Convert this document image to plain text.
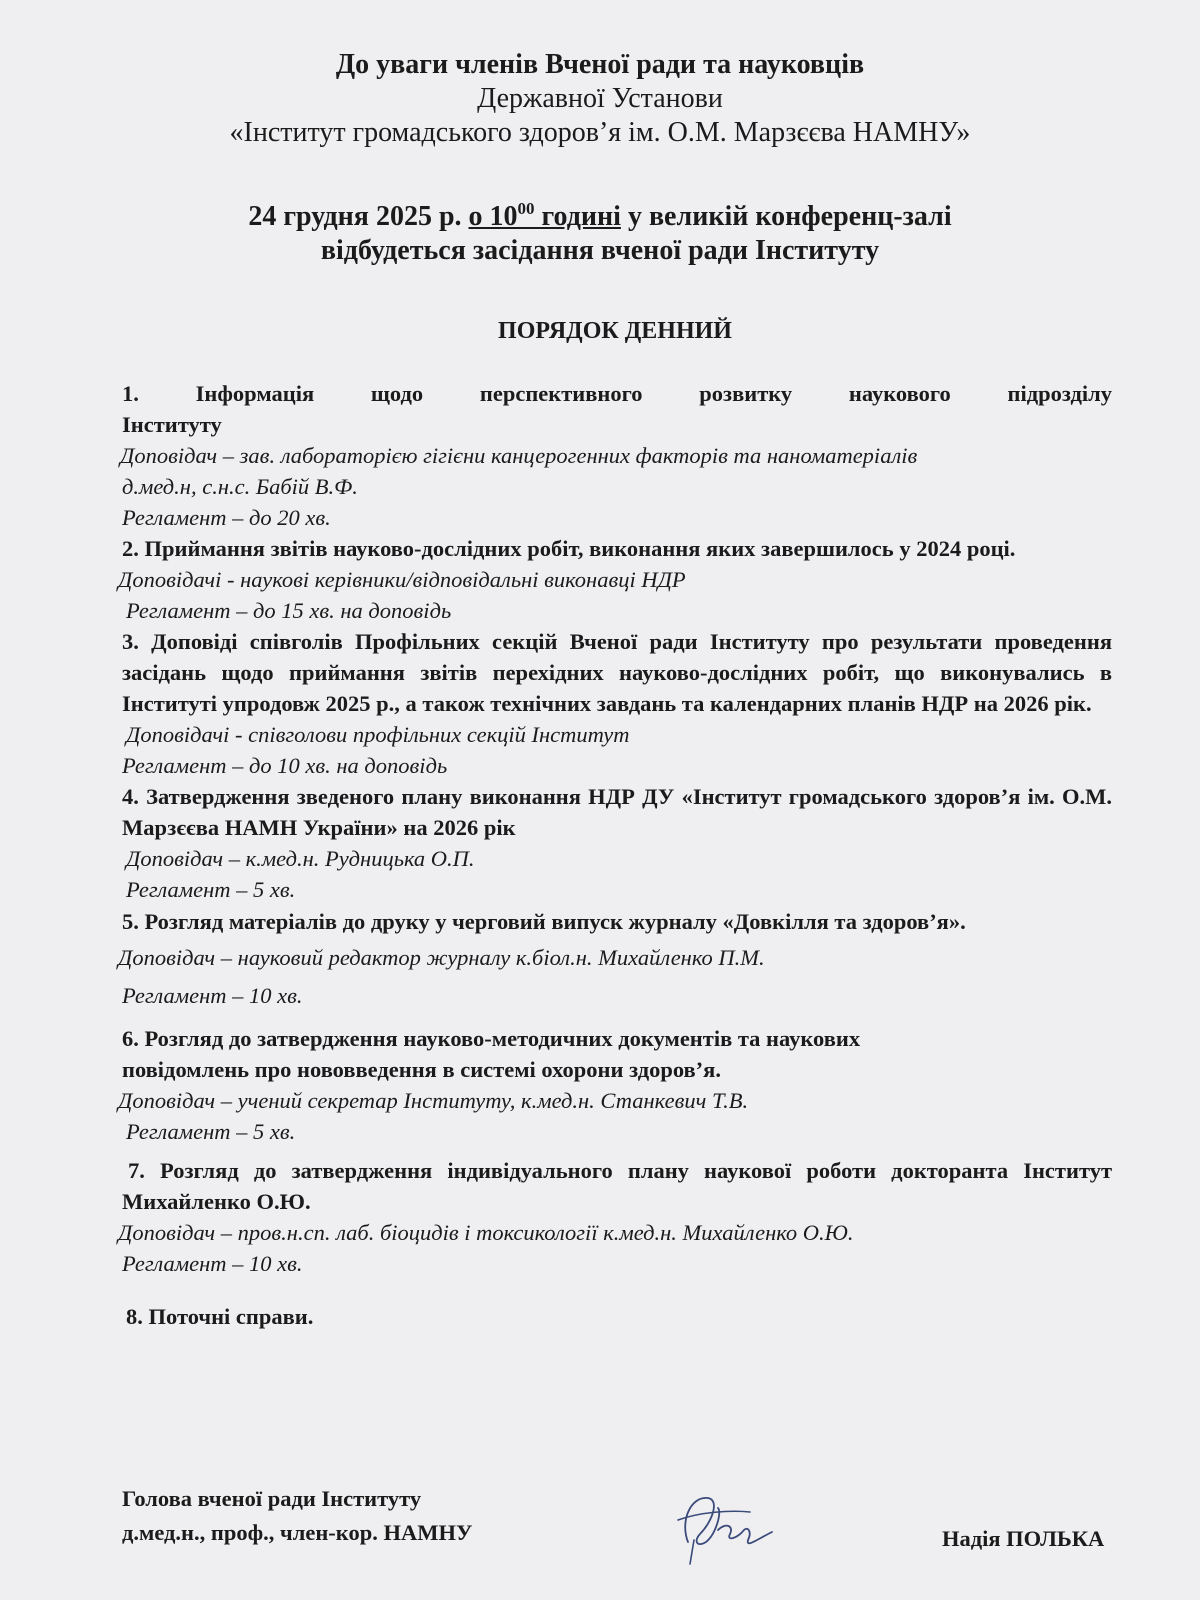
До уваги членів Вченої ради та науковців
Державної Установи
«Інститут громадського здоров’я ім. О.М. Марзєєва НАМНУ»
24 грудня 2025 р. о $10^{00}$ годині у великій конференц-залі
відбудеться засідання вченої ради Інституту
ПОРЯДОК ДЕННИЙ

1. Інформація щодо перспективного розвитку наукового підрозділу

Інституту

Доповідач – зав. лабораторією гігієни канцерогенних факторів та наноматеріалів

д.мед.н, с.н.с. Бабій В.Ф.

Регламент – до 20 хв.

2. Приймання звітів науково-дослідних робіт, виконання яких завершилось у 2024 році.

Доповідачі - наукові керівники/відповідальні виконавці НДР

Регламент – до 15 хв. на доповідь

3. Доповіді співголів Профільних секцій Вченої ради Інституту про результати проведення засідань щодо приймання звітів перехідних науково-дослідних робіт, що виконувались в Інституті упродовж 2025 р., а також технічних завдань та календарних планів НДР на 2026 рік.

Доповідачі - співголови профільних секцій Інститут

Регламент – до 10 хв. на доповідь

4. Затвердження зведеного плану виконання НДР ДУ «Інститут громадського здоров’я ім. О.М. Марзєєва НАМН України» на 2026 рік

Доповідач – к.мед.н. Рудницька О.П.

Регламент – 5 хв.

5. Розгляд матеріалів до друку у черговий випуск журналу «Довкілля та здоров’я».

Доповідач – науковий редактор журналу к.біол.н. Михайленко П.М.

Регламент – 10 хв.

6. Розгляд до затвердження науково-методичних документів та наукових

повідомлень про нововведення в системі охорони здоров’я.

Доповідач – учений секретар Інституту, к.мед.н. Станкевич Т.В.

Регламент – 5 хв.

7. Розгляд до затвердження індивідуального плану наукової роботи докторанта Інститут Михайленко О.Ю.

Доповідач – пров.н.сп. лаб. біоцидів і токсикології к.мед.н. Михайленко О.Ю.

Регламент – 10 хв.

8. Поточні справи.

Голова вченої ради Інституту
д.мед.н., проф., член-кор. НАМНУ	Надія ПОЛЬКА
